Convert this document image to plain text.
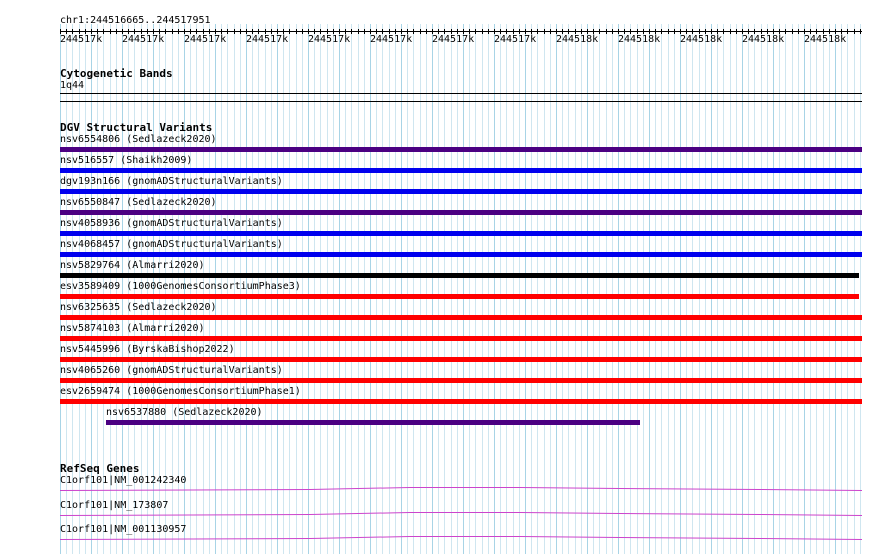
chr1:244516665..244517951
244517k 244517k 244517k 244517k 244517k 244517k 244517k 244517k 244518k 244518k 244518k 244518k 244518k
Cytogenetic Bands
1q44
DGV Structural Variants
nsv6554806 (Sedlazeck2020)
nsv516557 (Shaikh2009)
dgv193n166 (gnomADStructuralVariants)
nsv6550847 (Sedlazeck2020)
nsv4058936 (gnomADStructuralVariants)
nsv4068457 (gnomADStructuralVariants)
nsv5829764 (Almarri2020)
esv3589409 (1000GenomesConsortiumPhase3)
nsv6325635 (Sedlazeck2020)
nsv5874103 (Almarri2020)
nsv5445996 (ByrskaBishop2022)
nsv4065260 (gnomADStructuralVariants)
esv2659474 (1000GenomesConsortiumPhase1)
nsv6537880 (Sedlazeck2020)
RefSeq Genes
C1orf101|NM_001242340
C1orf101|NM_173807
C1orf101|NM_001130957
